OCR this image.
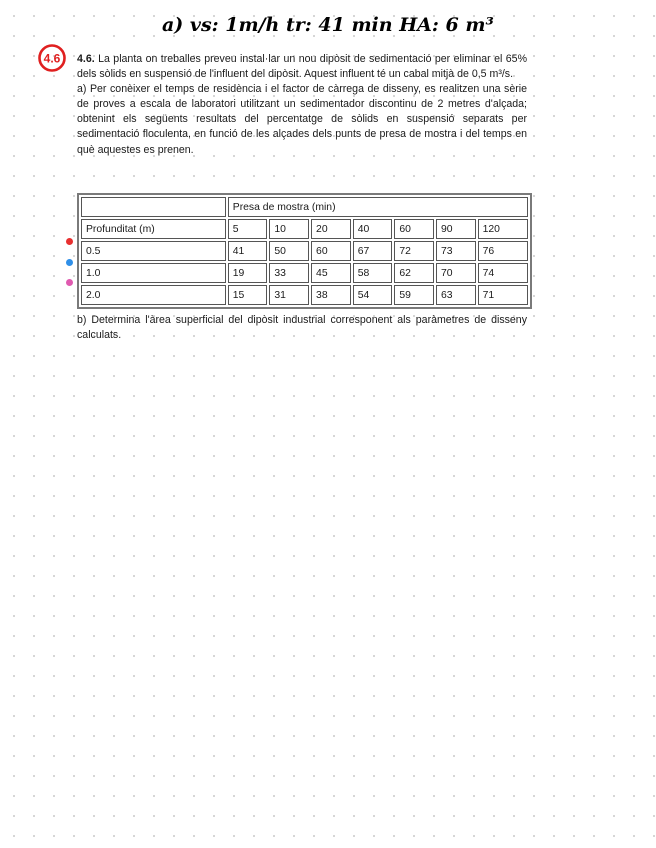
a) vs: 1m/h tr: 41 min HA: 6 m³
4.6 4.6. La planta on treballes preveu instal·lar un nou dipòsit de sedimentació per eliminar el 65% dels sòlids en suspensió de l'influent del dipòsit. Aquest influent té un cabal mitjà de 0,5 m³/s.

a) Per conèixer el temps de residència i el factor de càrrega de disseny, es realitzen una sèrie de proves a escala de laboratori utilitzant un sedimentador discontinu de 2 metres d'alçada; obtenint els següents resultats del percentatge de sòlids en suspensió separats per sedimentació floculenta, en funció de les alçades dels punts de presa de mostra i del temps en què aquestes es prenen.

	Presa de mostra (min)						
Profunditat (m)	5	10	20	40	60	90	120
0.5	41	50	60	67	72	73	76
1.0	19	33	45	58	62	70	74
2.0	15	31	38	54	59	63	71

b) Determina l'àrea superficial del dipòsit industrial corresponent als paràmetres de disseny calculats.
